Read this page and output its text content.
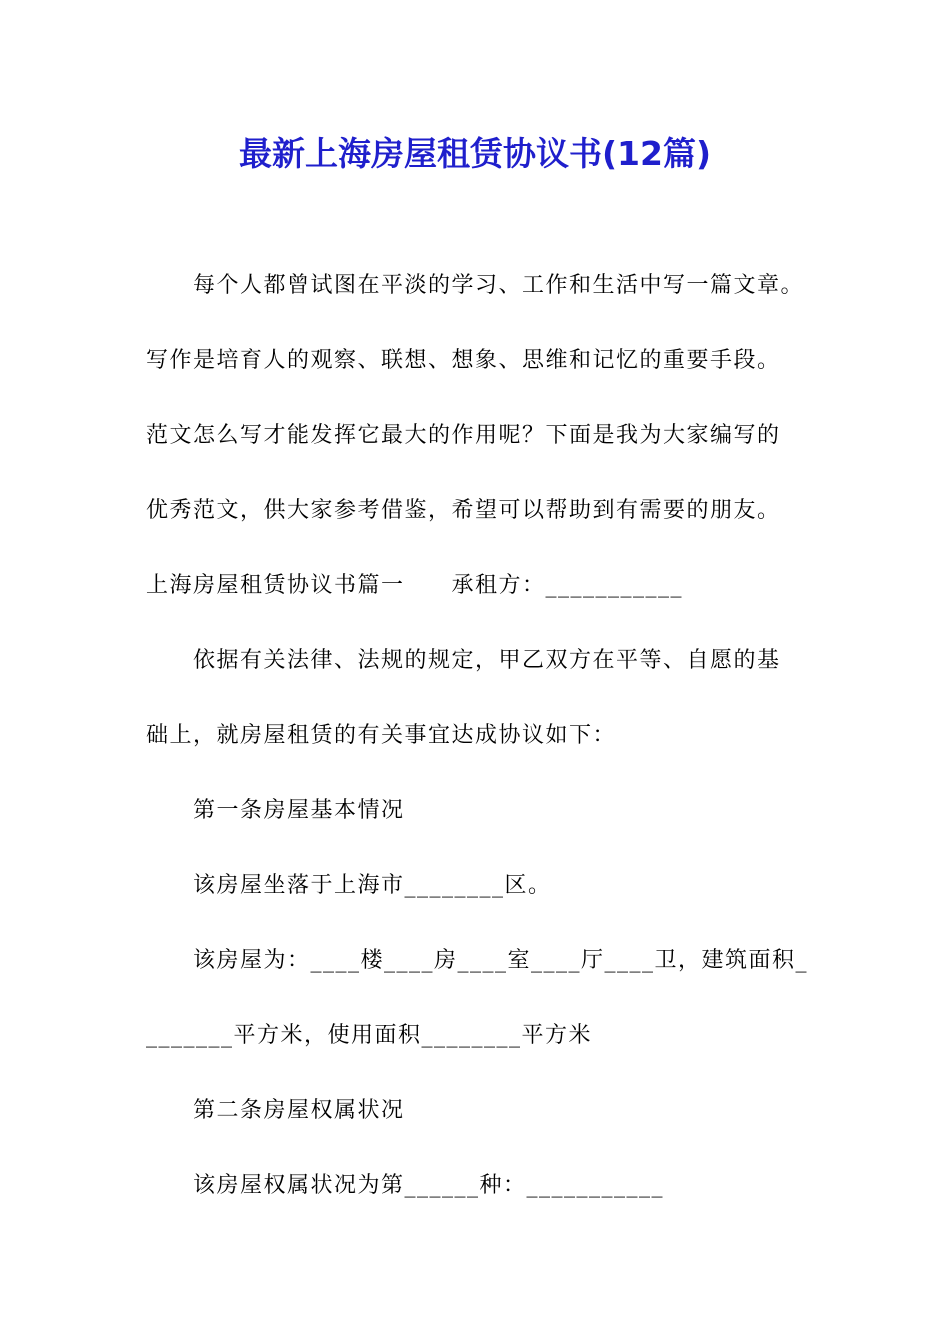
最新上海房屋租赁协议书(12篇)
每个人都曾试图在平淡的学习、工作和生活中写一篇文章。
写作是培育人的观察、联想、想象、思维和记忆的重要手段。
范文怎么写才能发挥它最大的作用呢？下面是我为大家编写的
优秀范文，供大家参考借鉴，希望可以帮助到有需要的朋友。
上海房屋租赁协议书篇一　　承租方：___________
依据有关法律、法规的规定，甲乙双方在平等、自愿的基
础上，就房屋租赁的有关事宜达成协议如下：
第一条房屋基本情况
该房屋坐落于上海市________区。
该房屋为：____楼____房____室____厅____卫，建筑面积_
_______平方米，使用面积________平方米
第二条房屋权属状况
该房屋权属状况为第______种：___________
